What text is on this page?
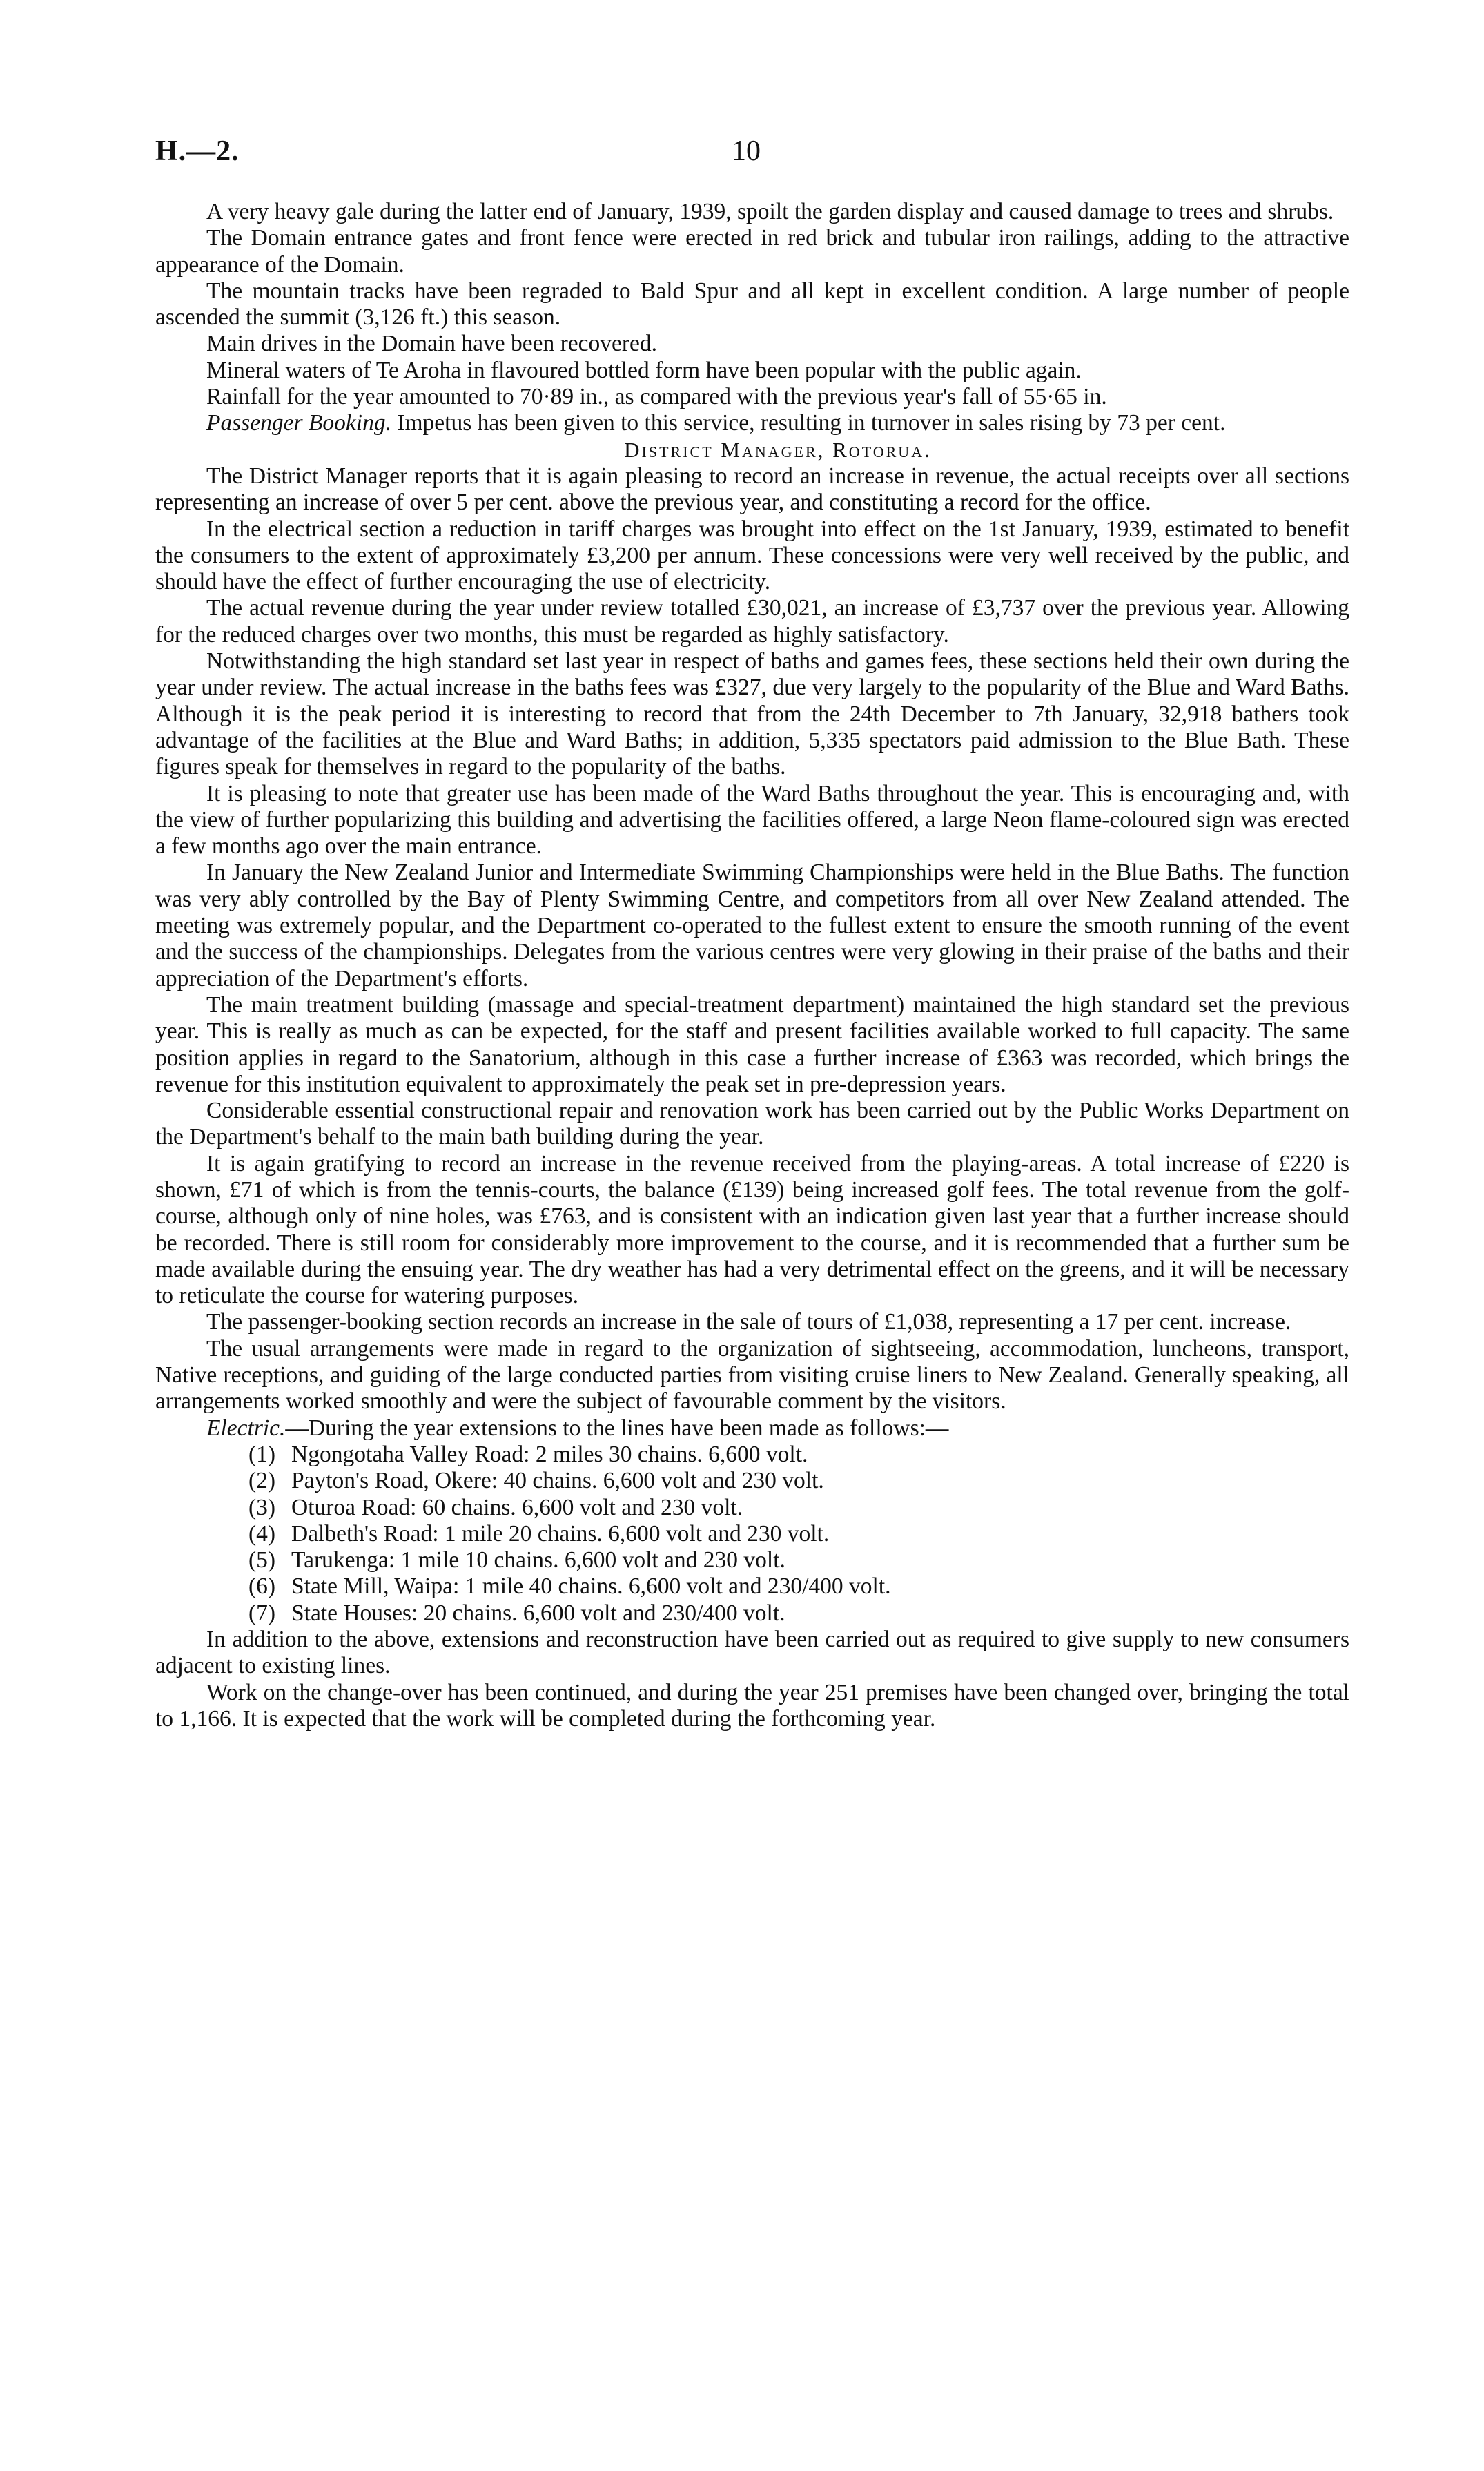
H.—2.	10

A very heavy gale during the latter end of January, 1939, spoilt the garden display and caused damage to trees and shrubs.

The Domain entrance gates and front fence were erected in red brick and tubular iron railings, adding to the attractive appearance of the Domain.

The mountain tracks have been regraded to Bald Spur and all kept in excellent condition. A large number of people ascended the summit (3,126 ft.) this season.

Main drives in the Domain have been recovered.

Mineral waters of Te Aroha in flavoured bottled form have been popular with the public again.

Rainfall for the year amounted to 70·89 in., as compared with the previous year's fall of 55·65 in.

Passenger Booking. Impetus has been given to this service, resulting in turnover in sales rising by 73 per cent.

District Manager, Rotorua.

The District Manager reports that it is again pleasing to record an increase in revenue, the actual receipts over all sections representing an increase of over 5 per cent. above the previous year, and constituting a record for the office.

In the electrical section a reduction in tariff charges was brought into effect on the 1st January, 1939, estimated to benefit the consumers to the extent of approximately £3,200 per annum. These concessions were very well received by the public, and should have the effect of further encouraging the use of electricity.

The actual revenue during the year under review totalled £30,021, an increase of £3,737 over the previous year. Allowing for the reduced charges over two months, this must be regarded as highly satisfactory.

Notwithstanding the high standard set last year in respect of baths and games fees, these sections held their own during the year under review. The actual increase in the baths fees was £327, due very largely to the popularity of the Blue and Ward Baths. Although it is the peak period it is interesting to record that from the 24th December to 7th January, 32,918 bathers took advantage of the facilities at the Blue and Ward Baths; in addition, 5,335 spectators paid admission to the Blue Bath. These figures speak for themselves in regard to the popularity of the baths.

It is pleasing to note that greater use has been made of the Ward Baths throughout the year. This is encouraging and, with the view of further popularizing this building and advertising the facilities offered, a large Neon flame-coloured sign was erected a few months ago over the main entrance.

In January the New Zealand Junior and Intermediate Swimming Championships were held in the Blue Baths. The function was very ably controlled by the Bay of Plenty Swimming Centre, and competitors from all over New Zealand attended. The meeting was extremely popular, and the Department co-operated to the fullest extent to ensure the smooth running of the event and the success of the championships. Delegates from the various centres were very glowing in their praise of the baths and their appreciation of the Department's efforts.

The main treatment building (massage and special-treatment department) maintained the high standard set the previous year. This is really as much as can be expected, for the staff and present facilities available worked to full capacity. The same position applies in regard to the Sanatorium, although in this case a further increase of £363 was recorded, which brings the revenue for this institution equivalent to approximately the peak set in pre-depression years.

Considerable essential constructional repair and renovation work has been carried out by the Public Works Department on the Department's behalf to the main bath building during the year.

It is again gratifying to record an increase in the revenue received from the playing-areas. A total increase of £220 is shown, £71 of which is from the tennis-courts, the balance (£139) being increased golf fees. The total revenue from the golf-course, although only of nine holes, was £763, and is consistent with an indication given last year that a further increase should be recorded. There is still room for considerably more improvement to the course, and it is recommended that a further sum be made available during the ensuing year. The dry weather has had a very detrimental effect on the greens, and it will be necessary to reticulate the course for watering purposes.

The passenger-booking section records an increase in the sale of tours of £1,038, representing a 17 per cent. increase.

The usual arrangements were made in regard to the organization of sightseeing, accommodation, luncheons, transport, Native receptions, and guiding of the large conducted parties from visiting cruise liners to New Zealand. Generally speaking, all arrangements worked smoothly and were the subject of favourable comment by the visitors.

Electric.—During the year extensions to the lines have been made as follows:—

(1) Ngongotaha Valley Road: 2 miles 30 chains. 6,600 volt.
(2) Payton's Road, Okere: 40 chains. 6,600 volt and 230 volt.
(3) Oturoa Road: 60 chains. 6,600 volt and 230 volt.
(4) Dalbeth's Road: 1 mile 20 chains. 6,600 volt and 230 volt.
(5) Tarukenga: 1 mile 10 chains. 6,600 volt and 230 volt.
(6) State Mill, Waipa: 1 mile 40 chains. 6,600 volt and 230/400 volt.
(7) State Houses: 20 chains. 6,600 volt and 230/400 volt.

In addition to the above, extensions and reconstruction have been carried out as required to give supply to new consumers adjacent to existing lines.

Work on the change-over has been continued, and during the year 251 premises have been changed over, bringing the total to 1,166. It is expected that the work will be completed during the forthcoming year.
